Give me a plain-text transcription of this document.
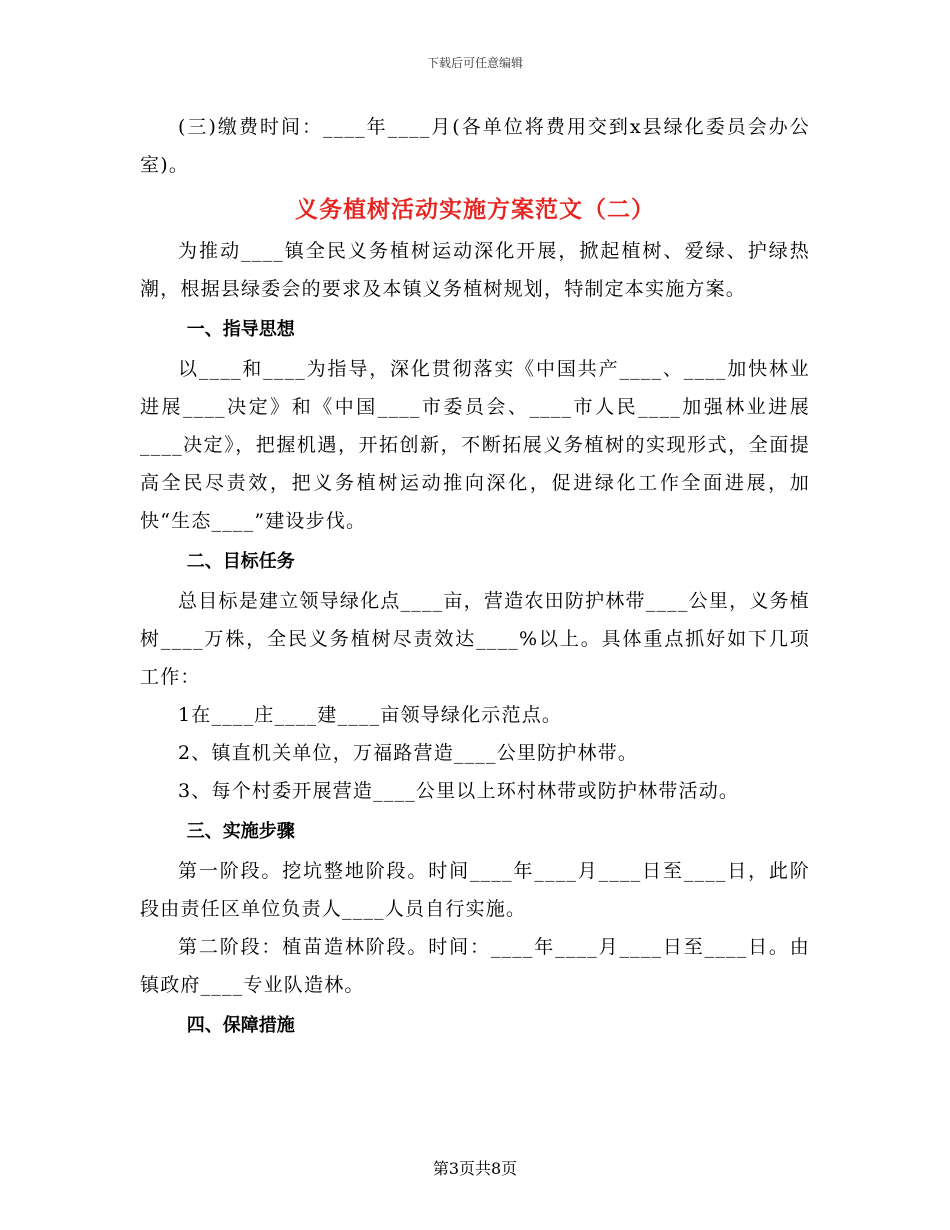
下载后可任意编辑

(三)缴费时间：____年____月(各单位将费用交到x县绿化委员会办公室)。

义务植树活动实施方案范文（二）

为推动____镇全民义务植树运动深化开展，掀起植树、爱绿、护绿热潮，根据县绿委会的要求及本镇义务植树规划，特制定本实施方案。

一、指导思想

以____和____为指导，深化贯彻落实《中国共产____、____加快林业进展____决定》和《中国____市委员会、____市人民____加强林业进展____决定》，把握机遇，开拓创新，不断拓展义务植树的实现形式，全面提高全民尽责效，把义务植树运动推向深化，促进绿化工作全面进展，加快“生态____”建设步伐。

二、目标任务

总目标是建立领导绿化点____亩，营造农田防护林带____公里，义务植树____万株，全民义务植树尽责效达____%以上。具体重点抓好如下几项工作：

1在____庄____建____亩领导绿化示范点。

2、镇直机关单位，万福路营造____公里防护林带。

3、每个村委开展营造____公里以上环村林带或防护林带活动。

三、实施步骤

第一阶段。挖坑整地阶段。时间____年____月____日至____日，此阶段由责任区单位负责人____人员自行实施。

第二阶段：植苗造林阶段。时间：____年____月____日至____日。由镇政府____专业队造林。

四、保障措施
第3页共8页
